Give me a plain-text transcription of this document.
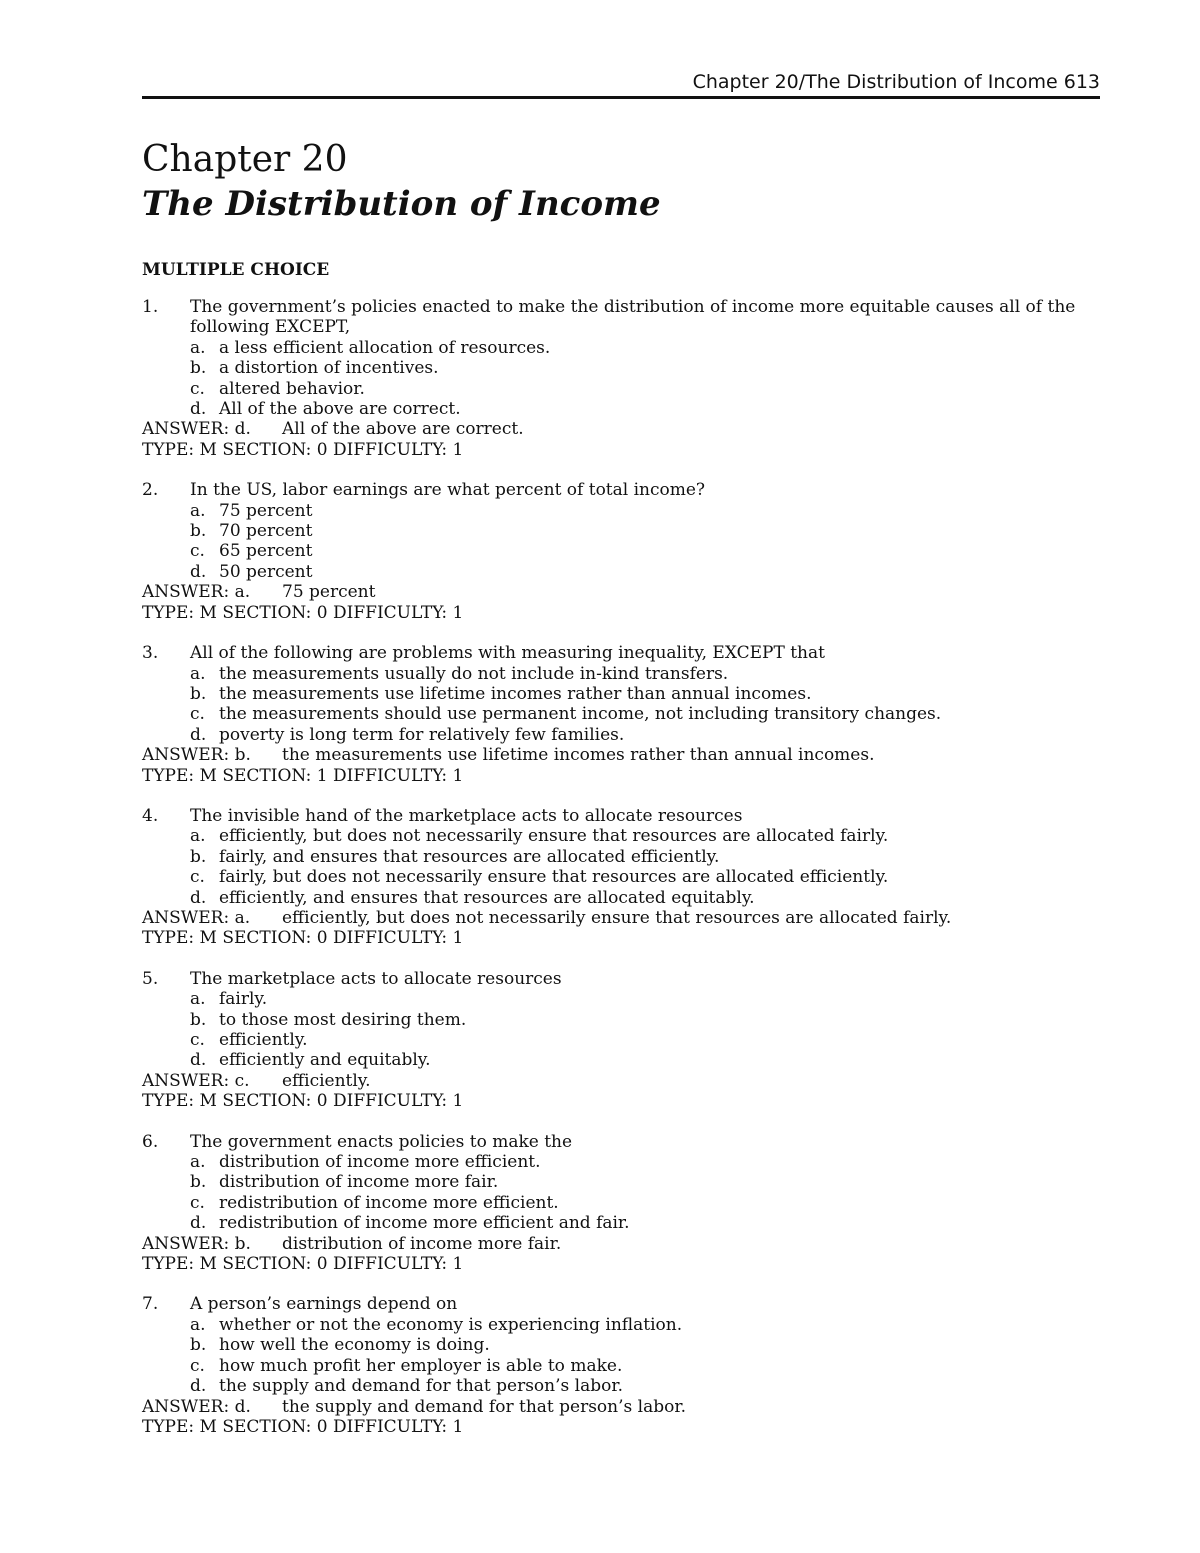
Chapter 20/The Distribution of Income 613
Chapter 20
The Distribution of Income
MULTIPLE CHOICE
1.	The government’s policies enacted to make the distribution of income more equitable causes all of the following EXCEPT,
a. a less efficient allocation of resources.
b. a distortion of incentives.
c. altered behavior.
d. All of the above are correct.
ANSWER: d.	All of the above are correct.
TYPE: M SECTION: 0 DIFFICULTY: 1
2.	In the US, labor earnings are what percent of total income?
a. 75 percent
b. 70 percent
c. 65 percent
d. 50 percent
ANSWER: a.	75 percent
TYPE: M SECTION: 0 DIFFICULTY: 1
3.	All of the following are problems with measuring inequality, EXCEPT that
a. the measurements usually do not include in-kind transfers.
b. the measurements use lifetime incomes rather than annual incomes.
c. the measurements should use permanent income, not including transitory changes.
d. poverty is long term for relatively few families.
ANSWER: b.	the measurements use lifetime incomes rather than annual incomes.
TYPE: M SECTION: 1 DIFFICULTY: 1
4.	The invisible hand of the marketplace acts to allocate resources
a. efficiently, but does not necessarily ensure that resources are allocated fairly.
b. fairly, and ensures that resources are allocated efficiently.
c. fairly, but does not necessarily ensure that resources are allocated efficiently.
d. efficiently, and ensures that resources are allocated equitably.
ANSWER: a.	efficiently, but does not necessarily ensure that resources are allocated fairly.
TYPE: M SECTION: 0 DIFFICULTY: 1
5.	The marketplace acts to allocate resources
a. fairly.
b. to those most desiring them.
c. efficiently.
d. efficiently and equitably.
ANSWER: c.	efficiently.
TYPE: M SECTION: 0 DIFFICULTY: 1
6.	The government enacts policies to make the
a. distribution of income more efficient.
b. distribution of income more fair.
c. redistribution of income more efficient.
d. redistribution of income more efficient and fair.
ANSWER: b.	distribution of income more fair.
TYPE: M SECTION: 0 DIFFICULTY: 1
7.	A person’s earnings depend on
a. whether or not the economy is experiencing inflation.
b. how well the economy is doing.
c. how much profit her employer is able to make.
d. the supply and demand for that person’s labor.
ANSWER: d.	the supply and demand for that person’s labor.
TYPE: M SECTION: 0 DIFFICULTY: 1
